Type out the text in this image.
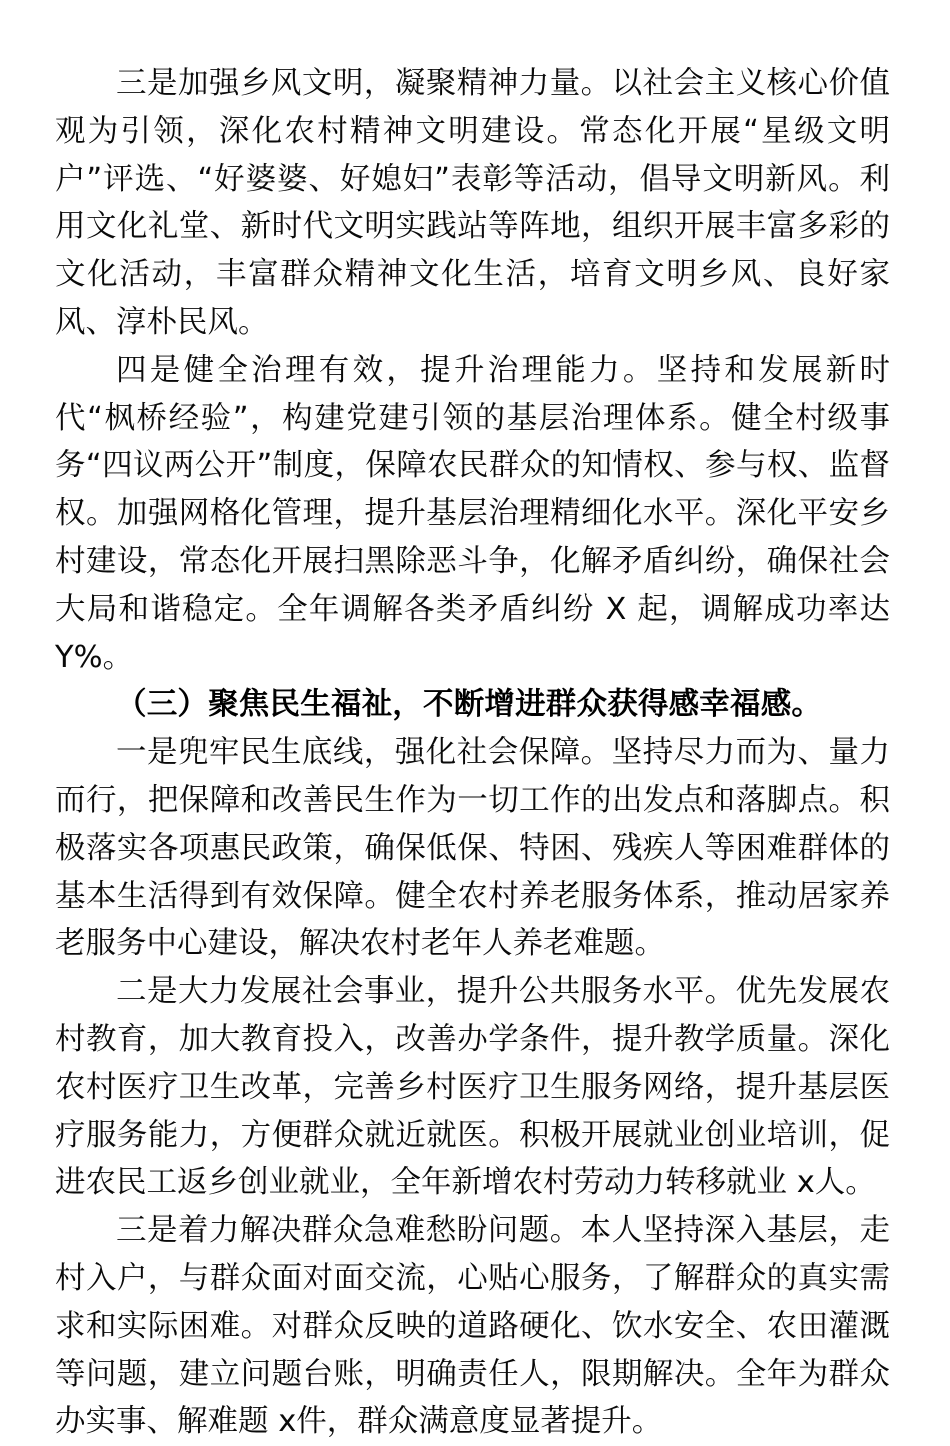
三是加强乡风文明，凝聚精神力量。以社会主义核心价值观为引领，深化农村精神文明建设。常态化开展“星级文明户”评选、“好婆婆、好媳妇”表彰等活动，倡导文明新风。利用文化礼堂、新时代文明实践站等阵地，组织开展丰富多彩的文化活动，丰富群众精神文化生活，培育文明乡风、良好家风、淳朴民风。

四是健全治理有效，提升治理能力。坚持和发展新时代“枫桥经验”，构建党建引领的基层治理体系。健全村级事务“四议两公开”制度，保障农民群众的知情权、参与权、监督权。加强网格化管理，提升基层治理精细化水平。深化平安乡村建设，常态化开展扫黑除恶斗争，化解矛盾纠纷，确保社会大局和谐稳定。全年调解各类矛盾纠纷 X 起，调解成功率达 Y%。

（三）聚焦民生福祉，不断增进群众获得感幸福感。

一是兜牢民生底线，强化社会保障。坚持尽力而为、量力而行，把保障和改善民生作为一切工作的出发点和落脚点。积极落实各项惠民政策，确保低保、特困、残疾人等困难群体的基本生活得到有效保障。健全农村养老服务体系，推动居家养老服务中心建设，解决农村老年人养老难题。

二是大力发展社会事业，提升公共服务水平。优先发展农村教育，加大教育投入，改善办学条件，提升教学质量。深化农村医疗卫生改革，完善乡村医疗卫生服务网络，提升基层医疗服务能力，方便群众就近就医。积极开展就业创业培训，促进农民工返乡创业就业，全年新增农村劳动力转移就业 x人。

三是着力解决群众急难愁盼问题。本人坚持深入基层，走村入户，与群众面对面交流，心贴心服务，了解群众的真实需求和实际困难。对群众反映的道路硬化、饮水安全、农田灌溉等问题，建立问题台账，明确责任人，限期解决。全年为群众办实事、解难题 x件，群众满意度显著提升。
